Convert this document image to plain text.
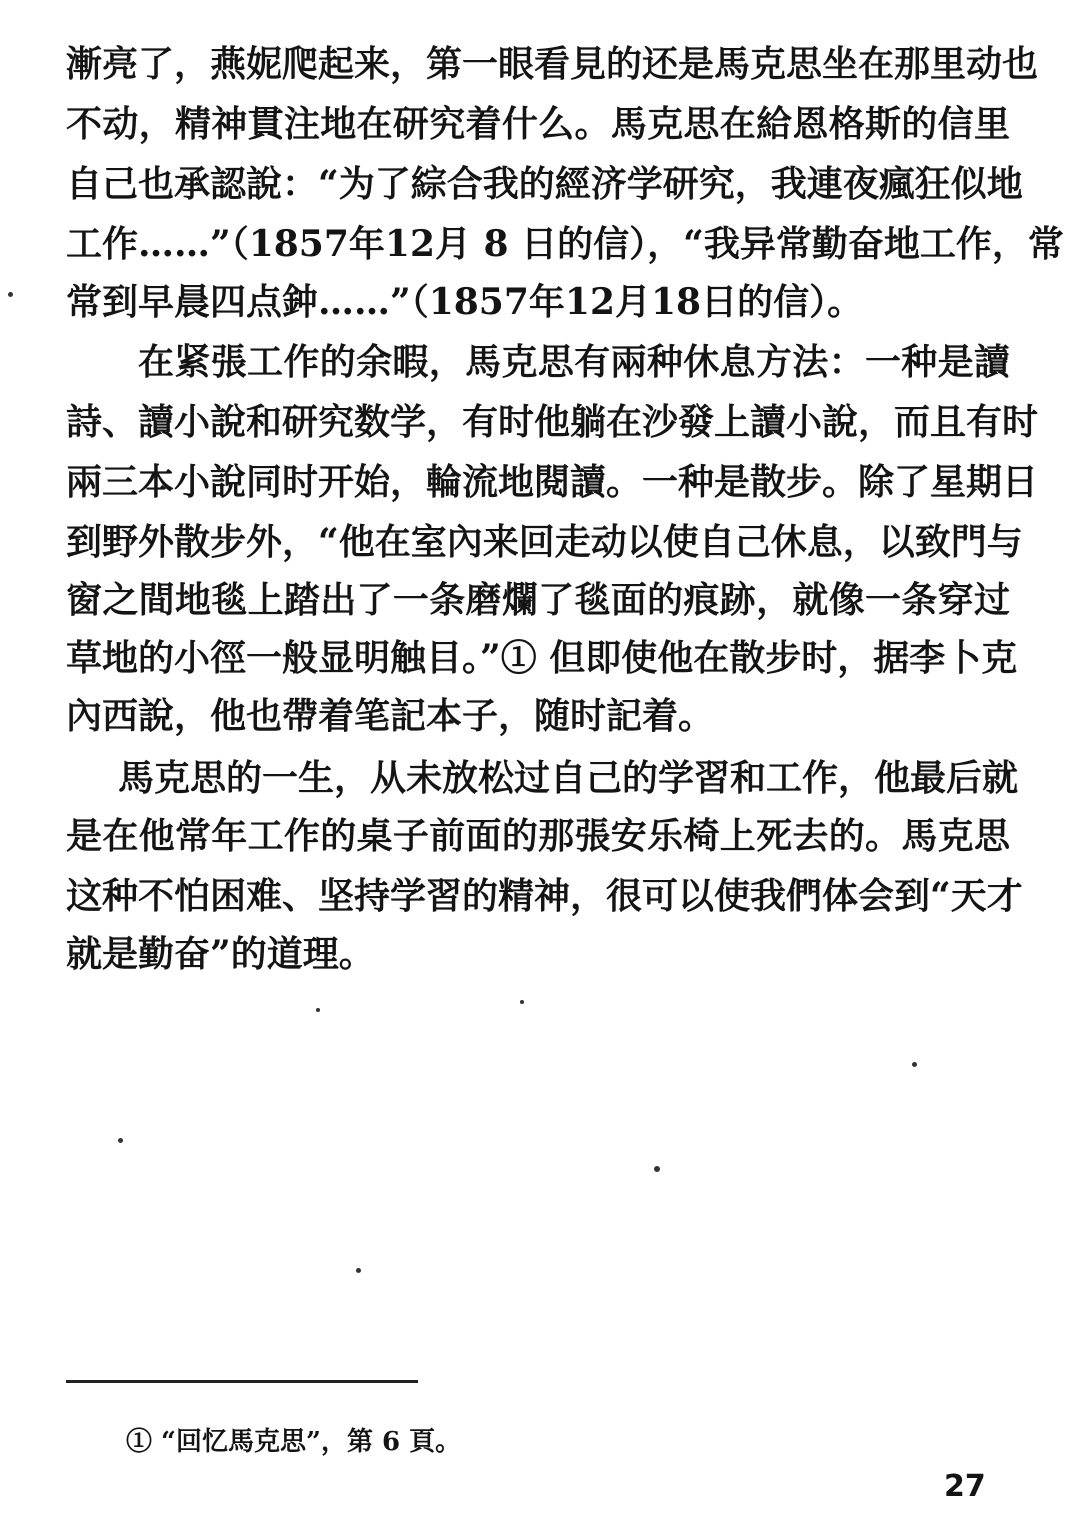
漸亮了，燕妮爬起来，第一眼看見的还是馬克思坐在那里动也
不动，精神貫注地在研究着什么。馬克思在給恩格斯的信里
自己也承認說：“为了綜合我的經济学研究，我連夜瘋狂似地
工作……”（1857年12月 8 日的信），“我异常勤奋地工作，常
常到早晨四点鈡……”（1857年12月18日的信）。
在紧張工作的余暇，馬克思有兩种休息方法：一种是讀
詩、讀小說和研究数学，有时他躺在沙發上讀小說，而且有时
兩三本小說同时开始，輪流地閱讀。一种是散步。除了星期日
到野外散步外，“他在室內来回走动以使自己休息，以致門与
窗之間地毯上踏出了一条磨爛了毯面的痕跡，就像一条穿过
草地的小徑一般显明触目。”① 但即使他在散步时，据李卜克
內西說，他也帶着笔記本子，随时記着。
馬克思的一生，从未放松过自己的学習和工作，他最后就
是在他常年工作的桌子前面的那張安乐椅上死去的。馬克思
这种不怕困难、坚持学習的精神，很可以使我們体会到“天才
就是勤奋”的道理。
① “回忆馬克思”，第 6 頁。
27
